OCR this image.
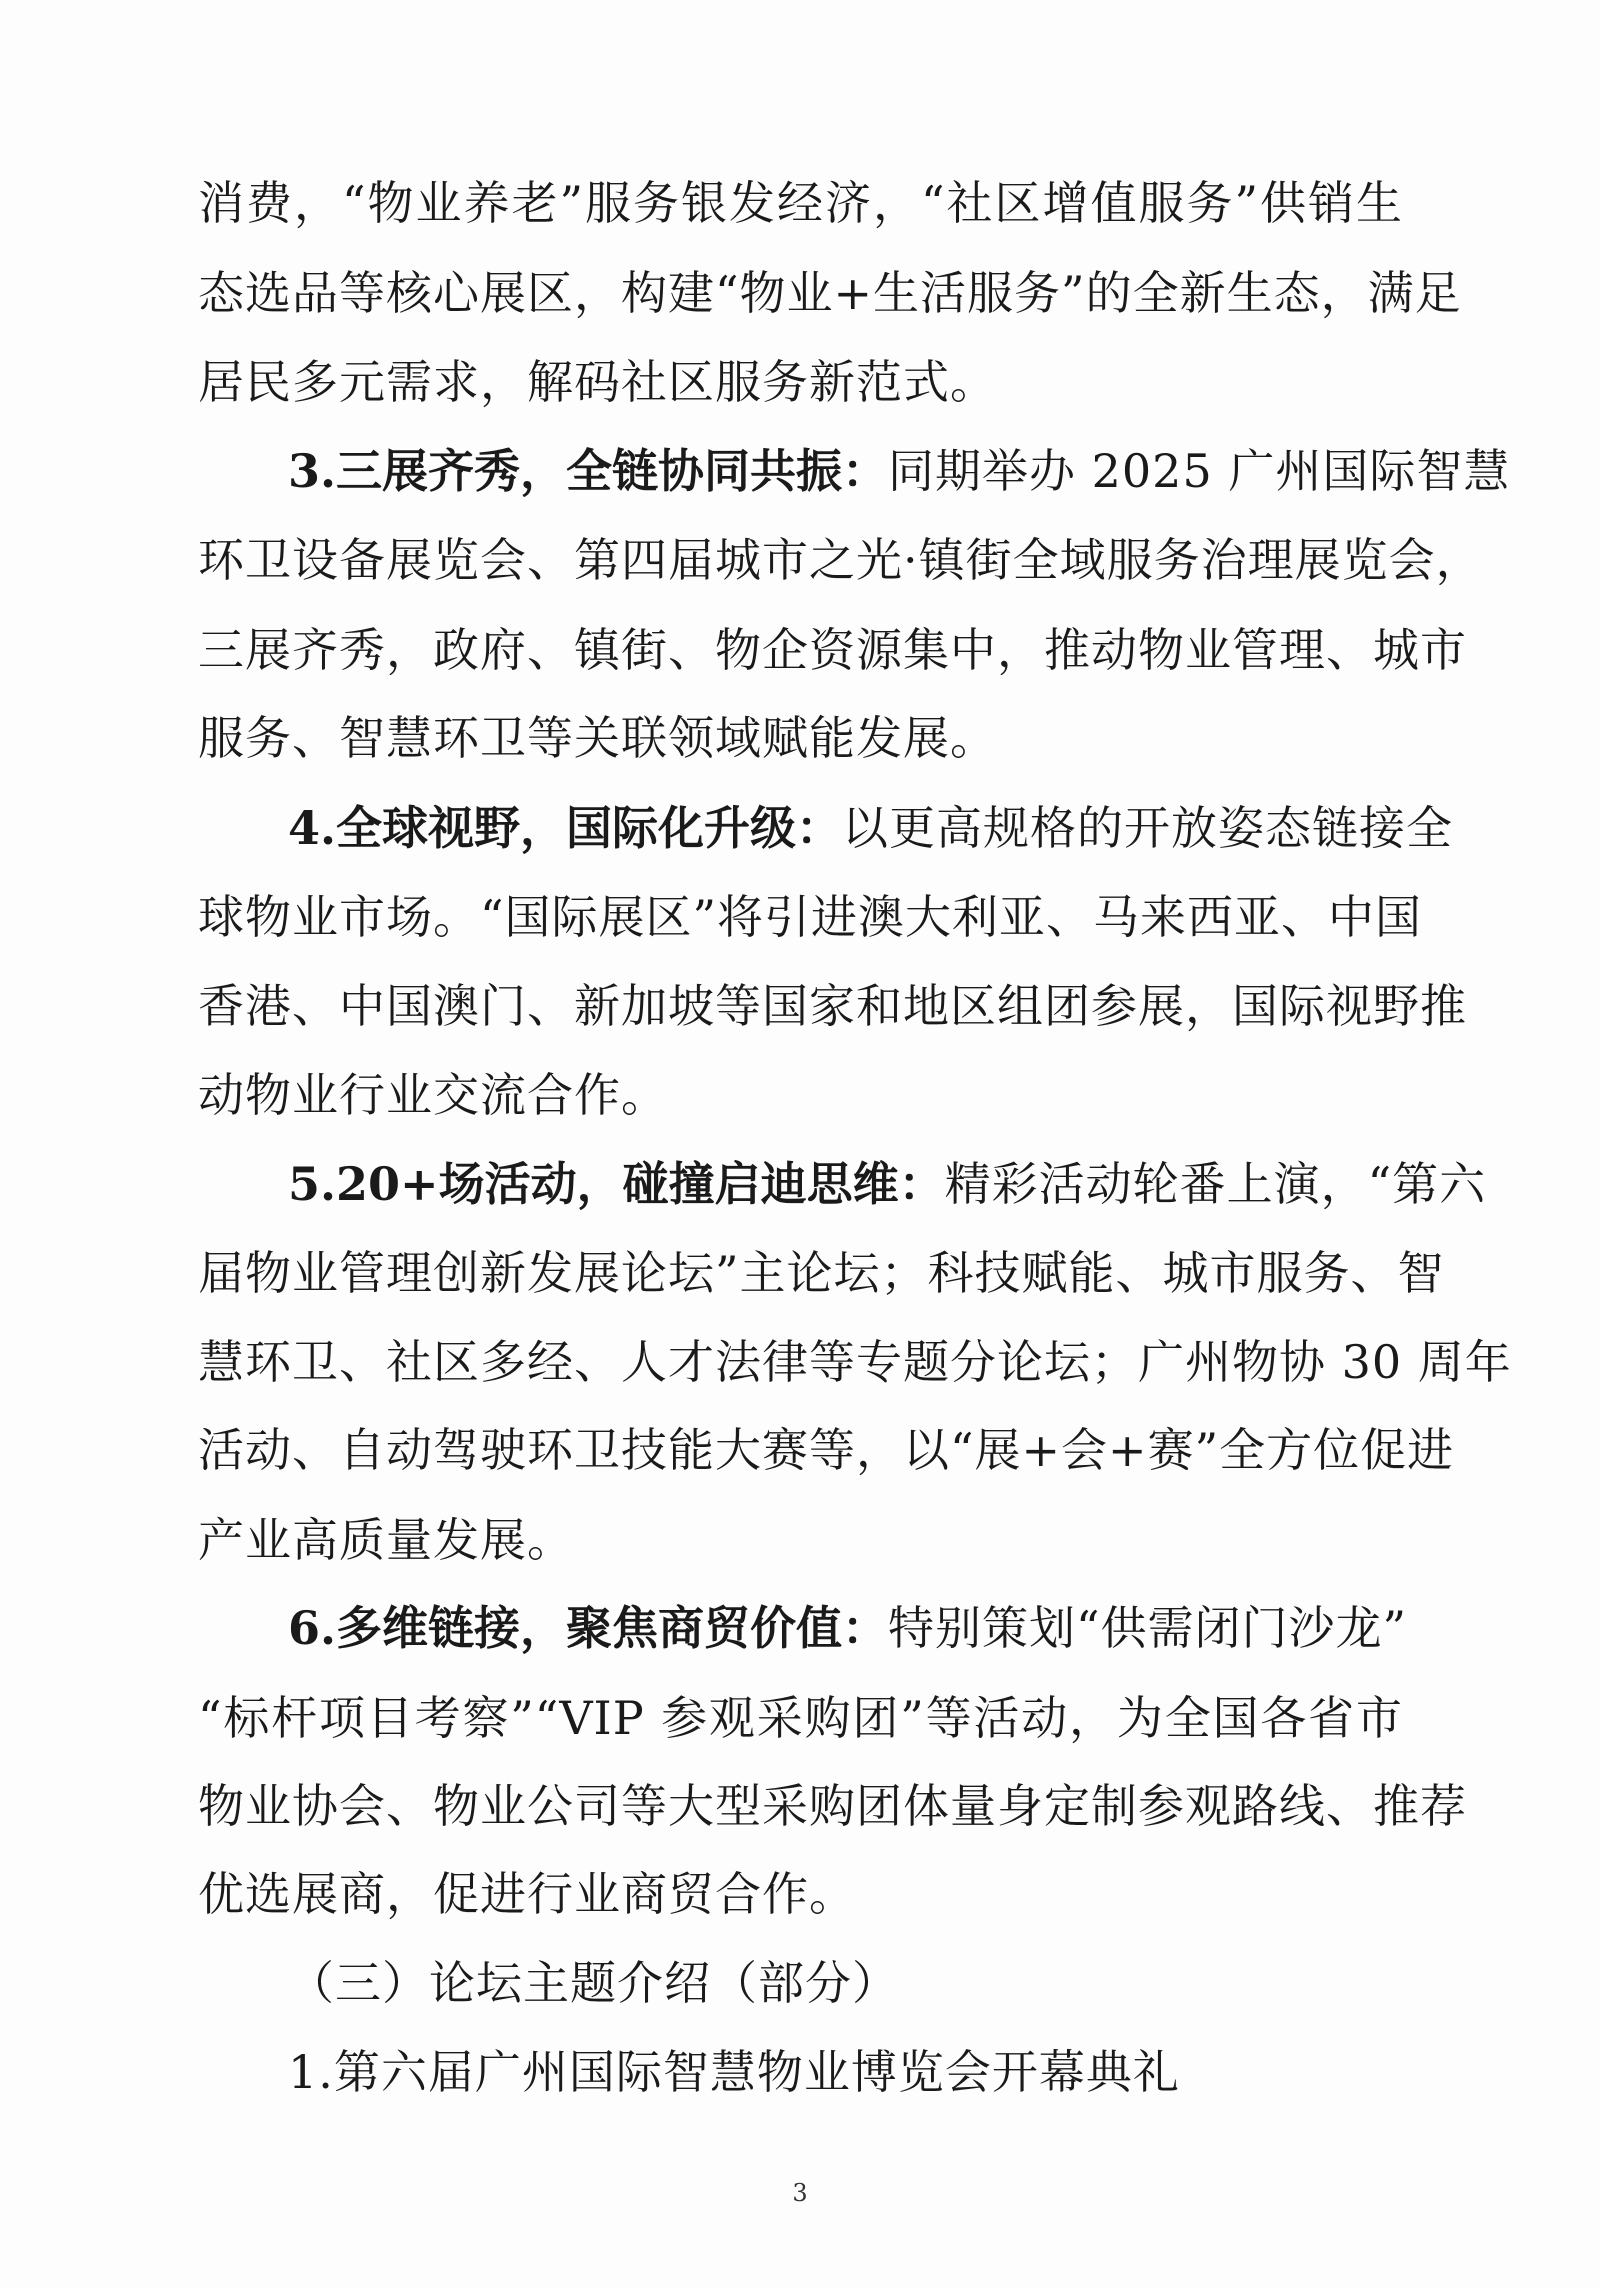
消费，“物业养老”服务银发经济，“社区增值服务”供销生
态选品等核心展区，构建“物业+生活服务”的全新生态，满足
居民多元需求，解码社区服务新范式。
3.三展齐秀，全链协同共振：同期举办 2025 广州国际智慧
环卫设备展览会、第四届城市之光·镇街全域服务治理展览会，
三展齐秀，政府、镇街、物企资源集中，推动物业管理、城市
服务、智慧环卫等关联领域赋能发展。
4.全球视野，国际化升级：以更高规格的开放姿态链接全
球物业市场。“国际展区”将引进澳大利亚、马来西亚、中国
香港、中国澳门、新加坡等国家和地区组团参展，国际视野推
动物业行业交流合作。
5.20+场活动，碰撞启迪思维：精彩活动轮番上演，“第六
届物业管理创新发展论坛”主论坛；科技赋能、城市服务、智
慧环卫、社区多经、人才法律等专题分论坛；广州物协 30 周年
活动、自动驾驶环卫技能大赛等，以“展+会+赛”全方位促进
产业高质量发展。
6.多维链接，聚焦商贸价值：特别策划“供需闭门沙龙”
“标杆项目考察”“VIP 参观采购团”等活动，为全国各省市
物业协会、物业公司等大型采购团体量身定制参观路线、推荐
优选展商，促进行业商贸合作。
（三）论坛主题介绍（部分）
1.第六届广州国际智慧物业博览会开幕典礼
3
